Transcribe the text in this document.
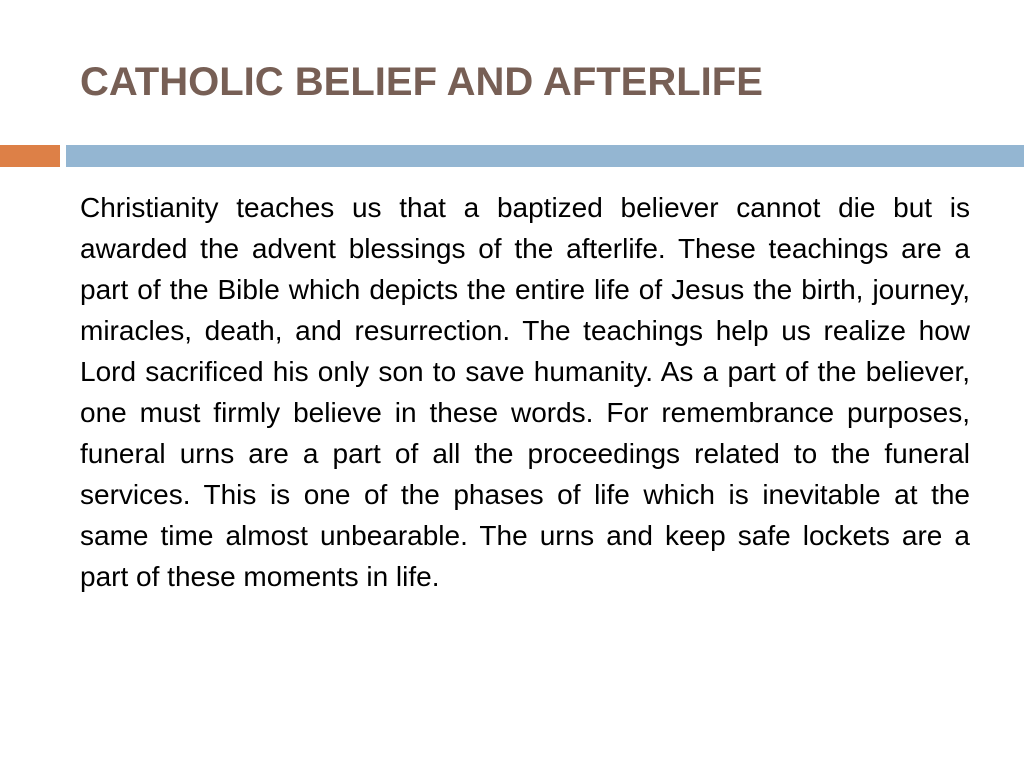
CATHOLIC BELIEF AND AFTERLIFE

Christianity teaches us that a baptized believer cannot die but is awarded the advent blessings of the afterlife. These teachings are a part of the Bible which depicts the entire life of Jesus the birth, journey, miracles, death, and resurrection. The teachings help us realize how Lord sacrificed his only son to save humanity. As a part of the believer, one must firmly believe in these words. For remembrance purposes, funeral urns are a part of all the proceedings related to the funeral services. This is one of the phases of life which is inevitable at the same time almost unbearable. The urns and keep safe lockets are a part of these moments in life.
